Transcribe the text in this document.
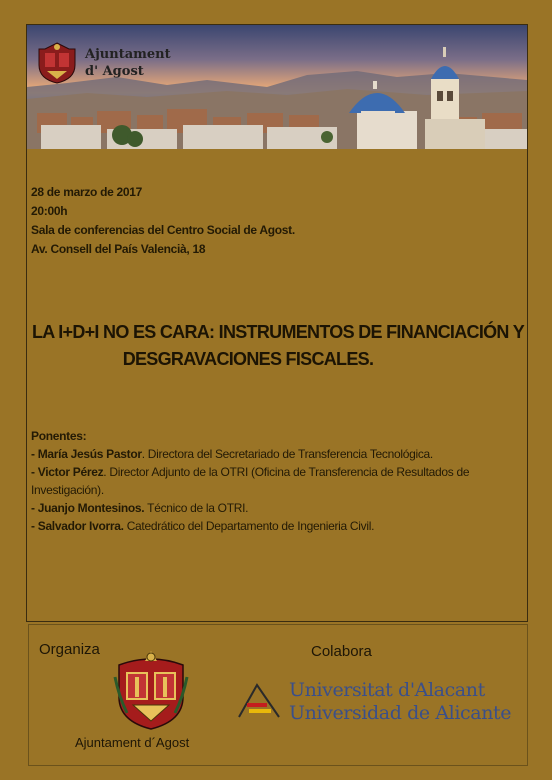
Ajuntament
d' Agost
28 de marzo de 2017
20:00h
Sala de conferencias del Centro Social de Agost.
Av. Consell del País Valencià, 18
LA I+D+I NO ES CARA: INSTRUMENTOS DE FINANCIACIÓN Y
DESGRAVACIONES FISCALES.
Ponentes:
- María Jesús Pastor. Directora del Secretariado de Transferencia Tecnológica.
- Victor Pérez. Director Adjunto de la OTRI (Oficina de Transferencia de Resultados de Investigación).
- Juanjo Montesinos. Técnico de la OTRI.
- Salvador Ivorra. Catedrático del Departamento de Ingenieria Civil.
Organiza	Colabora
Ajuntament d´Agost
Universitat d'Alacant
Universidad de Alicante
